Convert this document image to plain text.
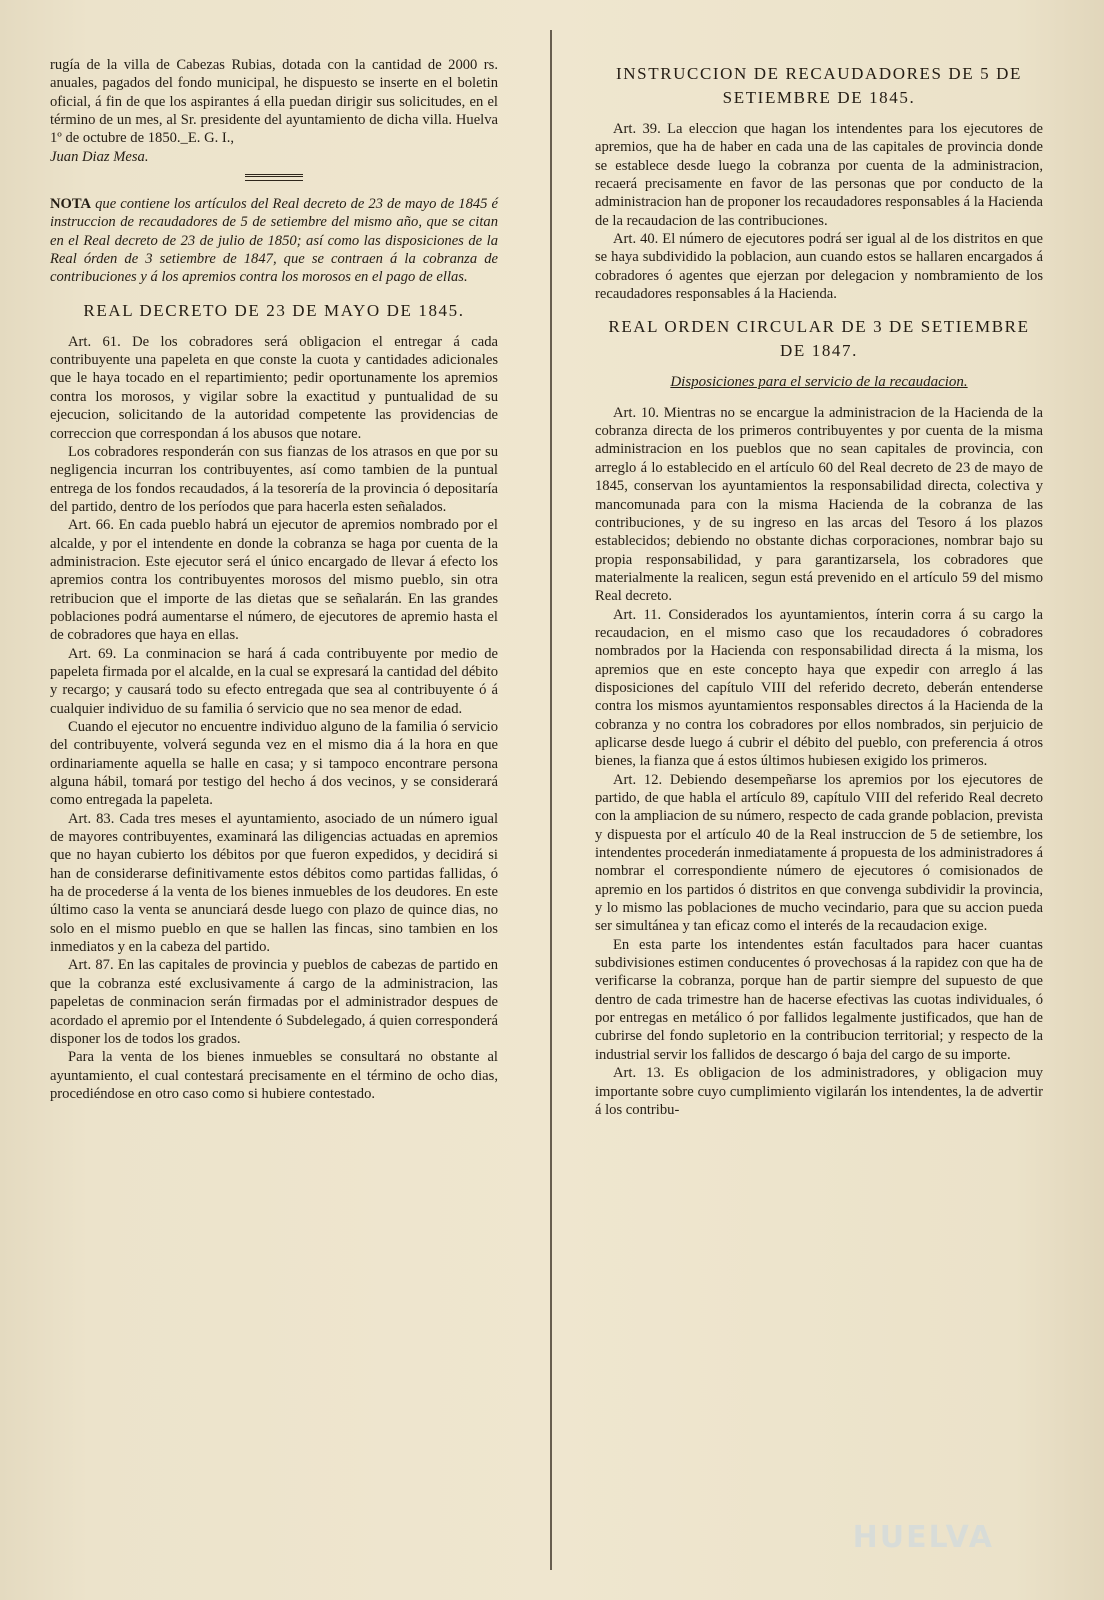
rugía de la villa de Cabezas Rubias, dotada con la cantidad de 2000 rs. anuales, pagados del fondo municipal, he dispuesto se inserte en el boletin oficial, á fin de que los aspirantes á ella puedan dirigir sus solicitudes, en el término de un mes, al Sr. presidente del ayuntamiento de dicha villa. Huelva 1º de octubre de 1850._E. G. I.,

Juan Diaz Mesa.

NOTA que contiene los artículos del Real decreto de 23 de mayo de 1845 é instruccion de recaudadores de 5 de setiembre del mismo año, que se citan en el Real decreto de 23 de julio de 1850; así como las disposiciones de la Real órden de 3 setiembre de 1847, que se contraen á la cobranza de contribuciones y á los apremios contra los morosos en el pago de ellas.

REAL DECRETO DE 23 DE MAYO DE 1845.

Art. 61. De los cobradores será obligacion el entregar á cada contribuyente una papeleta en que conste la cuota y cantidades adicionales que le haya tocado en el repartimiento; pedir oportunamente los apremios contra los morosos, y vigilar sobre la exactitud y puntualidad de su ejecucion, solicitando de la autoridad competente las providencias de correccion que correspondan á los abusos que notare.

Los cobradores responderán con sus fianzas de los atrasos en que por su negligencia incurran los contribuyentes, así como tambien de la puntual entrega de los fondos recaudados, á la tesorería de la provincia ó depositaría del partido, dentro de los períodos que para hacerla esten señalados.

Art. 66. En cada pueblo habrá un ejecutor de apremios nombrado por el alcalde, y por el intendente en donde la cobranza se haga por cuenta de la administracion. Este ejecutor será el único encargado de llevar á efecto los apremios contra los contribuyentes morosos del mismo pueblo, sin otra retribucion que el importe de las dietas que se señalarán. En las grandes poblaciones podrá aumentarse el número, de ejecutores de apremio hasta el de cobradores que haya en ellas.

Art. 69. La conminacion se hará á cada contribuyente por medio de papeleta firmada por el alcalde, en la cual se expresará la cantidad del débito y recargo; y causará todo su efecto entregada que sea al contribuyente ó á cualquier individuo de su familia ó servicio que no sea menor de edad.

Cuando el ejecutor no encuentre individuo alguno de la familia ó servicio del contribuyente, volverá segunda vez en el mismo dia á la hora en que ordinariamente aquella se halle en casa; y si tampoco encontrare persona alguna hábil, tomará por testigo del hecho á dos vecinos, y se considerará como entregada la papeleta.

Art. 83. Cada tres meses el ayuntamiento, asociado de un número igual de mayores contribuyentes, examinará las diligencias actuadas en apremios que no hayan cubierto los débitos por que fueron expedidos, y decidirá si han de considerarse definitivamente estos débitos como partidas fallidas, ó ha de procederse á la venta de los bienes inmuebles de los deudores. En este último caso la venta se anunciará desde luego con plazo de quince dias, no solo en el mismo pueblo en que se hallen las fincas, sino tambien en los inmediatos y en la cabeza del partido.

Art. 87. En las capitales de provincia y pueblos de cabezas de partido en que la cobranza esté exclusivamente á cargo de la administracion, las papeletas de conminacion serán firmadas por el administrador despues de acordado el apremio por el Intendente ó Subdelegado, á quien corresponderá disponer los de todos los grados.

Para la venta de los bienes inmuebles se consultará no obstante al ayuntamiento, el cual contestará precisamente en el término de ocho dias, procediéndose en otro caso como si hubiere contestado.

INSTRUCCION DE RECAUDADORES DE 5 DE SETIEMBRE DE 1845.

Art. 39. La eleccion que hagan los intendentes para los ejecutores de apremios, que ha de haber en cada una de las capitales de provincia donde se establece desde luego la cobranza por cuenta de la administracion, recaerá precisamente en favor de las personas que por conducto de la administracion han de proponer los recaudadores responsables á la Hacienda de la recaudacion de las contribuciones.

Art. 40. El número de ejecutores podrá ser igual al de los distritos en que se haya subdividido la poblacion, aun cuando estos se hallaren encargados á cobradores ó agentes que ejerzan por delegacion y nombramiento de los recaudadores responsables á la Hacienda.

REAL ORDEN CIRCULAR DE 3 DE SETIEMBRE DE 1847.
Disposiciones para el servicio de la recaudacion.

Art. 10. Mientras no se encargue la administracion de la Hacienda de la cobranza directa de los primeros contribuyentes y por cuenta de la misma administracion en los pueblos que no sean capitales de provincia, con arreglo á lo establecido en el artículo 60 del Real decreto de 23 de mayo de 1845, conservan los ayuntamientos la responsabilidad directa, colectiva y mancomunada para con la misma Hacienda de la cobranza de las contribuciones, y de su ingreso en las arcas del Tesoro á los plazos establecidos; debiendo no obstante dichas corporaciones, nombrar bajo su propia responsabilidad, y para garantizarsela, los cobradores que materialmente la realicen, segun está prevenido en el artículo 59 del mismo Real decreto.

Art. 11. Considerados los ayuntamientos, ínterin corra á su cargo la recaudacion, en el mismo caso que los recaudadores ó cobradores nombrados por la Hacienda con responsabilidad directa á la misma, los apremios que en este concepto haya que expedir con arreglo á las disposiciones del capítulo VIII del referido decreto, deberán entenderse contra los mismos ayuntamientos responsables directos á la Hacienda de la cobranza y no contra los cobradores por ellos nombrados, sin perjuicio de aplicarse desde luego á cubrir el débito del pueblo, con preferencia á otros bienes, la fianza que á estos últimos hubiesen exigido los primeros.

Art. 12. Debiendo desempeñarse los apremios por los ejecutores de partido, de que habla el artículo 89, capítulo VIII del referido Real decreto con la ampliacion de su número, respecto de cada grande poblacion, prevista y dispuesta por el artículo 40 de la Real instruccion de 5 de setiembre, los intendentes procederán inmediatamente á propuesta de los administradores á nombrar el correspondiente número de ejecutores ó comisionados de apremio en los partidos ó distritos en que convenga subdividir la provincia, y lo mismo las poblaciones de mucho vecindario, para que su accion pueda ser simultánea y tan eficaz como el interés de la recaudacion exige.

En esta parte los intendentes están facultados para hacer cuantas subdivisiones estimen conducentes ó provechosas á la rapidez con que ha de verificarse la cobranza, porque han de partir siempre del supuesto de que dentro de cada trimestre han de hacerse efectivas las cuotas individuales, ó por entregas en metálico ó por fallidos legalmente justificados, que han de cubrirse del fondo supletorio en la contribucion territorial; y respecto de la industrial servir los fallidos de descargo ó baja del cargo de su importe.

Art. 13. Es obligacion de los administradores, y obligacion muy importante sobre cuyo cumplimiento vigilarán los intendentes, la de advertir á los contribu-

HUELVA
